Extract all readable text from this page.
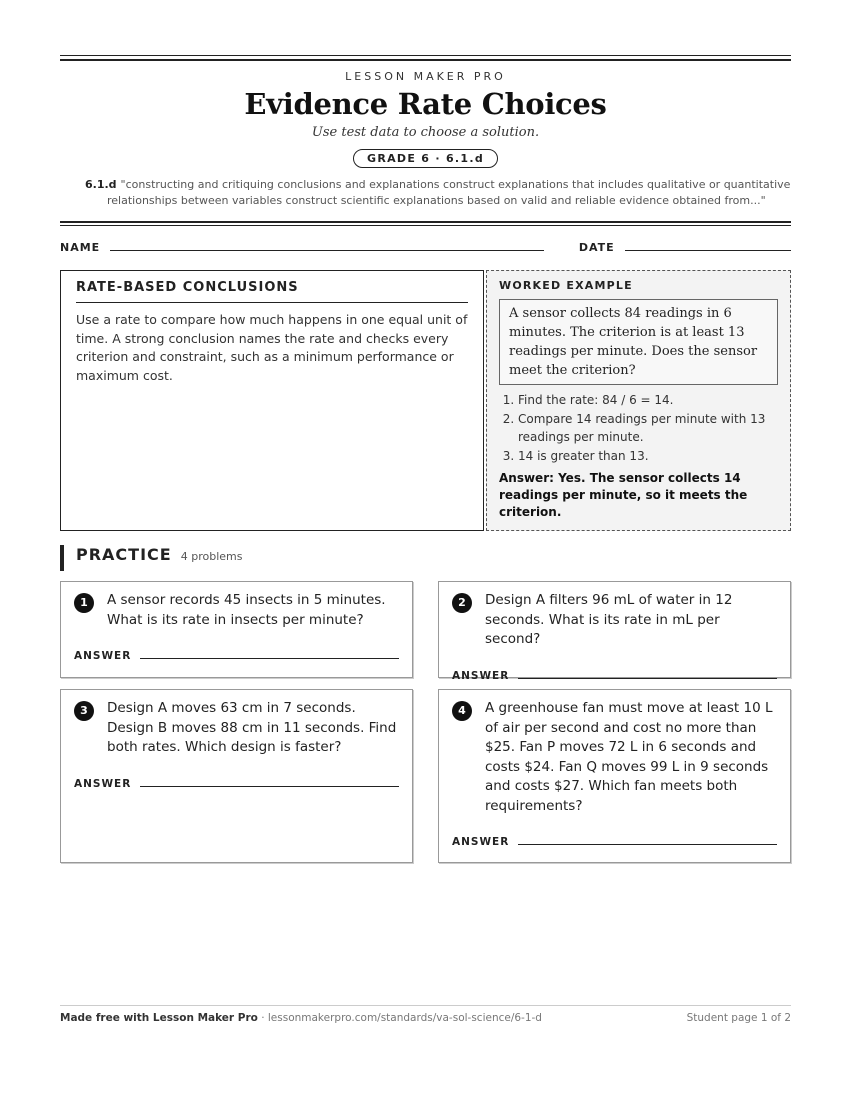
LESSON MAKER PRO
Evidence Rate Choices
Use test data to choose a solution.
GRADE 6 · 6.1.d
6.1.d "constructing and critiquing conclusions and explanations construct explanations that includes qualitative or quantitative relationships between variables construct scientific explanations based on valid and reliable evidence obtained from..."
NAME	DATE
RATE-BASED CONCLUSIONS

Use a rate to compare how much happens in one equal unit of time. A strong conclusion names the rate and checks every criterion and constraint, such as a minimum performance or maximum cost.

WORKED EXAMPLE
A sensor collects 84 readings in 6 minutes. The criterion is at least 13 readings per minute. Does the sensor meet the criterion?
1. Find the rate: 84 / 6 = 14.
2. Compare 14 readings per minute with 13 readings per minute.
3. 14 is greater than 13.
Answer: Yes. The sensor collects 14 readings per minute, so it meets the criterion.
PRACTICE 4 problems
1	A sensor records 45 insects in 5 minutes. What is its rate in insects per minute?
ANSWER
2	Design A filters 96 mL of water in 12 seconds. What is its rate in mL per second?
ANSWER
3	Design A moves 63 cm in 7 seconds. Design B moves 88 cm in 11 seconds. Find both rates. Which design is faster?
ANSWER
4	A greenhouse fan must move at least 10 L of air per second and cost no more than $25. Fan P moves 72 L in 6 seconds and costs $24. Fan Q moves 99 L in 9 seconds and costs $27. Which fan meets both requirements?
ANSWER
Made free with Lesson Maker Pro · lessonmakerpro.com/standards/va-sol-science/6-1-d	Student page 1 of 2
